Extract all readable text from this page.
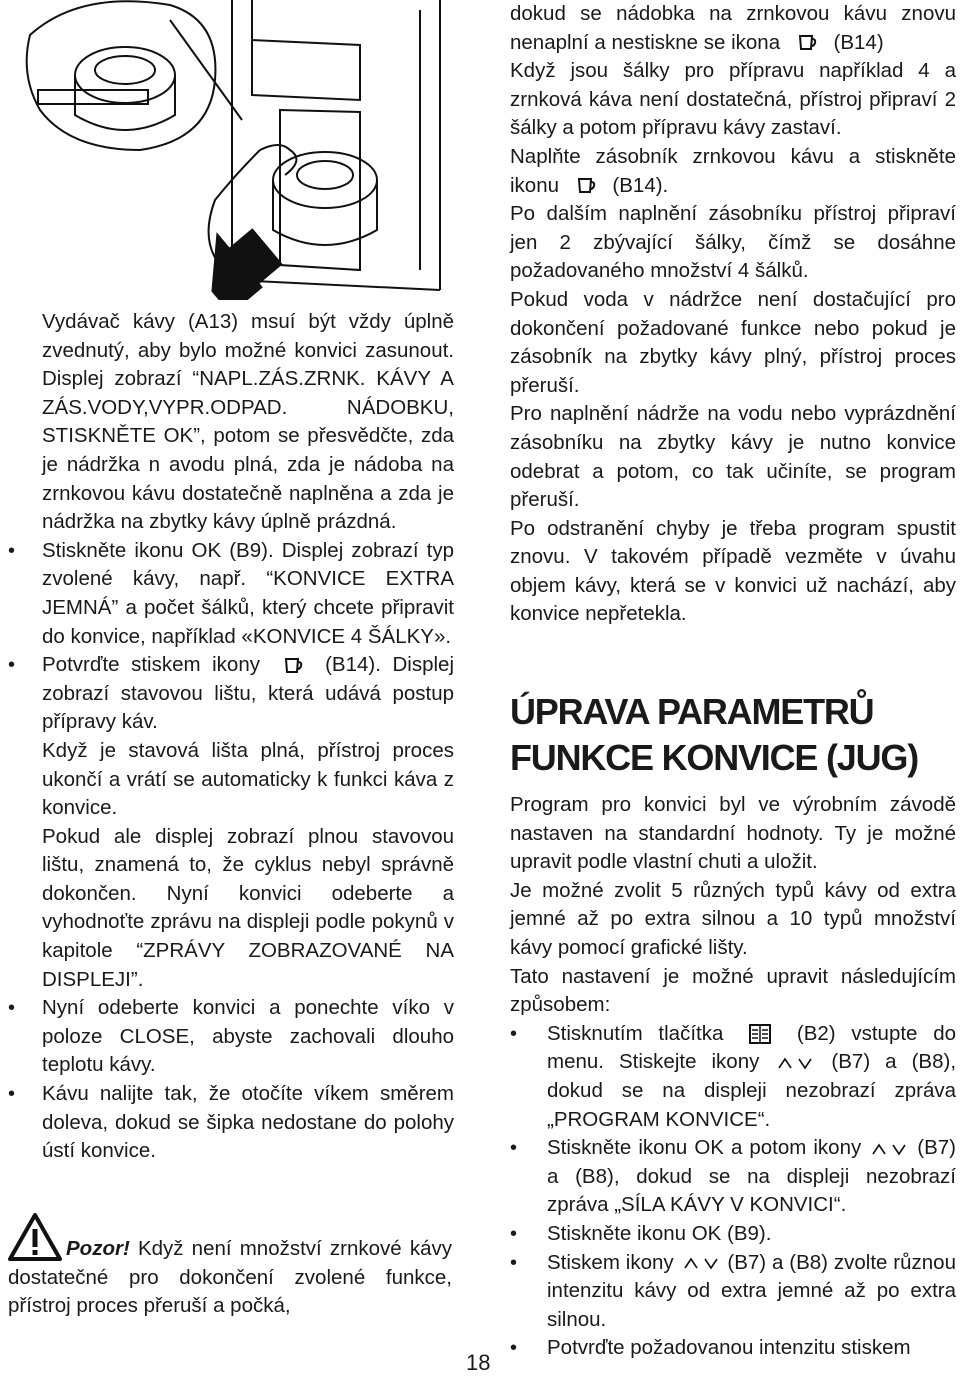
Vydávač kávy (A13) msuí být vždy úplně zvednutý, aby bylo možné konvici zasunout. Displej zobrazí “NAPL.ZÁS.ZRNK. KÁVY A ZÁS.VODY,VYPR.ODPAD. NÁDOBKU, STISKNĚTE OK”, potom se přesvědčte, zda je nádržka n avodu plná, zda je nádoba na zrnkovou kávu dostatečně naplněna a zda je nádržka na zbytky kávy úplně prázdná.

• Stiskněte ikonu OK (B9). Displej zobrazí typ zvolené kávy, např. “KONVICE EXTRA JEMNÁ” a počet šálků, který chcete připravit do konvice, například «KONVICE 4 ŠÁLKY».

• Potvrďte stiskem ikony	(B14). Displej zobrazí stavovou lištu, která udává postup přípravy káv.

Když je stavová lišta plná, přístroj proces ukončí a vrátí se automaticky k funkci káva z konvice.

Pokud ale displej zobrazí plnou stavovou lištu, znamená to, že cyklus nebyl správně dokončen. Nyní konvici odeberte a vyhodnoťte zprávu na displeji podle pokynů v kapitole “ZPRÁVY ZOBRAZOVANÉ NA DISPLEJI”.

• Nyní odeberte konvici a ponechte víko v poloze CLOSE, abyste zachovali dlouho teplotu kávy.

• Kávu nalijte tak, že otočíte víkem směrem doleva, dokud se šipka nedostane do polohy ústí konvice.

Pozor! Když není množství zrnkové kávy dostatečné pro dokončení zvolené funkce, přístroj proces přeruší a počká,

dokud se nádobka na zrnkovou kávu znovu nenaplní a nestiskne se ikona	(B14)

Když jsou šálky pro přípravu například 4 a zrnková káva není dostatečná, přístroj připraví 2 šálky a potom přípravu kávy zastaví.

Naplňte zásobník zrnkovou kávu a stiskněte ikonu	(B14).

Po dalším naplnění zásobníku přístroj připraví jen 2 zbývající šálky, čímž se dosáhne požadovaného množství 4 šálků.

Pokud voda v nádržce není dostačující pro dokončení požadované funkce nebo pokud je zásobník na zbytky kávy plný, přístroj proces přeruší.

Pro naplnění nádrže na vodu nebo vyprázdnění zásobníku na zbytky kávy je nutno konvice odebrat a potom, co tak učiníte, se program přeruší.

Po odstranění chyby je třeba program spustit znovu. V takovém případě vezměte v úvahu objem kávy, která se v konvici už nachází, aby konvice nepřetekla.

ÚPRAVA PARAMETRŮ
FUNKCE KONVICE (JUG)

Program pro konvici byl ve výrobním závodě nastaven na standardní hodnoty. Ty je možné upravit podle vlastní chuti a uložit.

Je možné zvolit 5 různých typů kávy od extra jemné až po extra silnou a 10 typů množství kávy pomocí grafické lišty.

Tato nastavení je možné upravit následujícím způsobem:

• Stisknutím tlačítka	(B2) vstupte do menu. Stiskejte ikony	(B7) a (B8), dokud se na displeji nezobrazí zpráva „PROGRAM KONVICE“.

• Stiskněte ikonu OK a potom ikony	(B7) a (B8), dokud se na displeji nezobrazí zpráva „SÍLA KÁVY V KONVICI“.

• Stiskněte ikonu OK (B9).

• Stiskem ikony	(B7) a (B8) zvolte různou intenzitu kávy od extra jemné až po extra silnou.

• Potvrďte požadovanou intenzitu stiskem

18
